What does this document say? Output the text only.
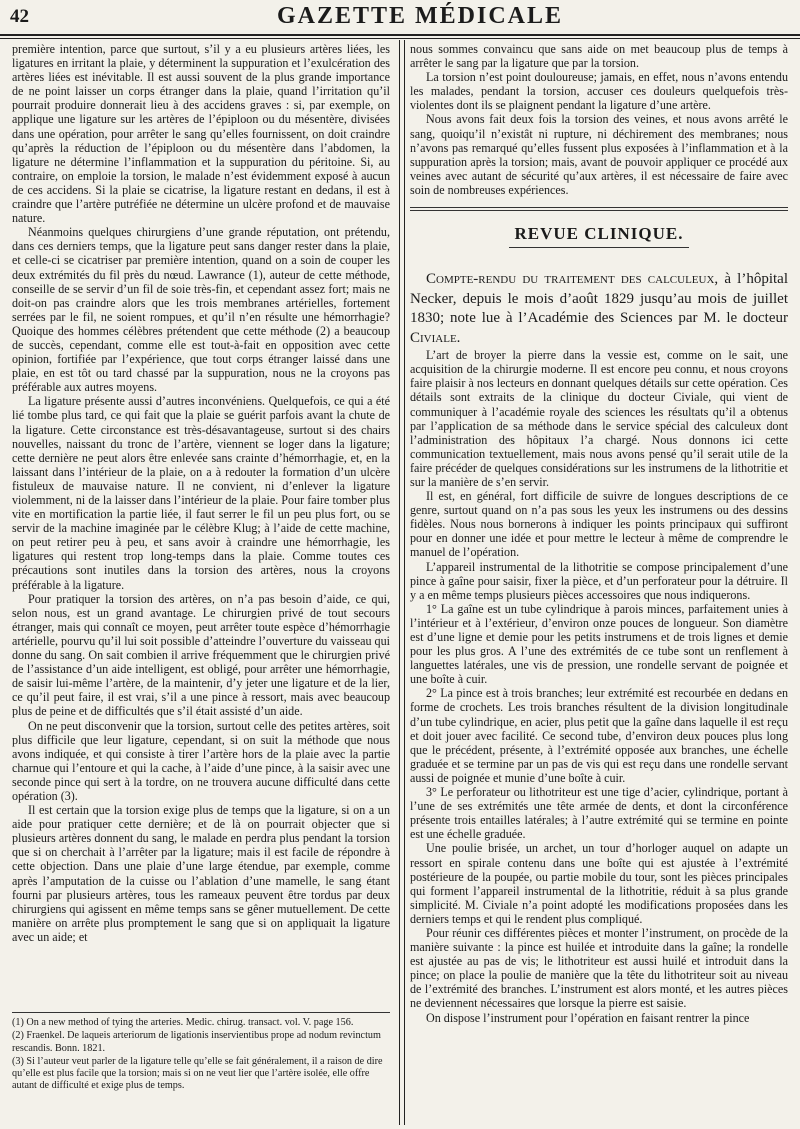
42	GAZETTE MÉDICALE

première intention, parce que surtout, s’il y a eu plusieurs artères liées, les ligatures en irritant la plaie, y déterminent la suppuration et l’exulcération des artères liées est inévitable. Il est aussi souvent de la plus grande importance de ne point laisser un corps étranger dans la plaie, quand l’irritation qu’il pourrait produire donnerait lieu à des accidens graves : si, par exemple, on applique une ligature sur les artères de l’épiploon ou du mésentère, divisées dans une opération, pour arrêter le sang qu’elles fournissent, on doit craindre qu’après la réduction de l’épiploon ou du mésentère dans l’abdomen, la ligature ne détermine l’inflammation et la suppuration du péritoine. Si, au contraire, on emploie la torsion, le malade n’est évidemment exposé à aucun de ces accidens. Si la plaie se cicatrise, la ligature restant en dedans, il est à craindre que l’artère putréfiée ne détermine un ulcère profond et de mauvaise nature.

Néanmoins quelques chirurgiens d’une grande réputation, ont prétendu, dans ces derniers temps, que la ligature peut sans danger rester dans la plaie, et celle-ci se cicatriser par première intention, quand on a soin de couper les deux extrémités du fil près du nœud. Lawrance (1), auteur de cette méthode, conseille de se servir d’un fil de soie très-fin, et cependant assez fort; mais ne doit-on pas craindre alors que les trois membranes artérielles, fortement serrées par le fil, ne soient rompues, et qu’il n’en résulte une hémorrhagie? Quoique des hommes célèbres prétendent que cette méthode (2) a beaucoup de succès, cependant, comme elle est tout-à-fait en opposition avec cette opinion, fortifiée par l’expérience, que tout corps étranger laissé dans une plaie, en est tôt ou tard chassé par la suppuration, nous ne la croyons pas préférable aux autres moyens.

La ligature présente aussi d’autres inconvéniens. Quelquefois, ce qui a été lié tombe plus tard, ce qui fait que la plaie se guérit parfois avant la chute de la ligature. Cette circonstance est très-désavantageuse, surtout si des chairs nouvelles, naissant du tronc de l’artère, viennent se loger dans la ligature; cette dernière ne peut alors être enlevée sans crainte d’hémorrhagie, et, en la laissant dans l’intérieur de la plaie, on a à redouter la formation d’un ulcère fistuleux de mauvaise nature. Il ne convient, ni d’enlever la ligature violemment, ni de la laisser dans l’intérieur de la plaie. Pour faire tomber plus vite en mortification la partie liée, il faut serrer le fil un peu plus fort, ou se servir de la machine imaginée par le célèbre Klug; à l’aide de cette machine, on peut retirer peu à peu, et sans avoir à craindre une hémorrhagie, les ligatures qui restent trop long-temps dans la plaie. Comme toutes ces précautions sont inutiles dans la torsion des artères, nous la croyons préférable à la ligature.

Pour pratiquer la torsion des artères, on n’a pas besoin d’aide, ce qui, selon nous, est un grand avantage. Le chirurgien privé de tout secours étranger, mais qui connaît ce moyen, peut arrêter toute espèce d’hémorrhagie artérielle, pourvu qu’il lui soit possible d’atteindre l’ouverture du vaisseau qui donne du sang. On sait combien il arrive fréquemment que le chirurgien privé de l’assistance d’un aide intelligent, est obligé, pour arrêter une hémorrhagie, de saisir lui-même l’artère, de la maintenir, d’y jeter une ligature et de la lier, ce qu’il peut faire, il est vrai, s’il a une pince à ressort, mais avec beaucoup plus de peine et de difficultés que s’il était assisté d’un aide.

On ne peut disconvenir que la torsion, surtout celle des petites artères, soit plus difficile que leur ligature, cependant, si on suit la méthode que nous avons indiquée, et qui consiste à tirer l’artère hors de la plaie avec la partie charnue qui l’entoure et qui la cache, à l’aide d’une pince, à la saisir avec une seconde pince qui sert à la tordre, on ne trouvera aucune difficulté dans cette opération (3).

Il est certain que la torsion exige plus de temps que la ligature, si on a un aide pour pratiquer cette dernière; et de là on pourrait objecter que si plusieurs artères donnent du sang, le malade en perdra plus pendant la torsion que si on cherchait à l’arrêter par la ligature; mais il est facile de répondre à cette objection. Dans une plaie d’une large étendue, par exemple, comme après l’amputation de la cuisse ou l’ablation d’une mamelle, le sang étant fourni par plusieurs artères, tous les rameaux peuvent être tordus par deux chirurgiens qui agissent en même temps sans se gêner mutuellement. De cette manière on arrête plus promptement le sang que si on appliquait la ligature avec un aide; et

(1) On a new method of tying the arteries. Medic. chirug. transact. vol. V. page 156.

(2) Fraenkel. De laqueis arteriorum de ligationis inservientibus prope ad nodum revinctum rescandis. Bonn. 1821.

(3) Si l’auteur veut parler de la ligature telle qu’elle se fait généralement, il a raison de dire qu’elle est plus facile que la torsion; mais si on ne veut lier que l’artère isolée, elle offre autant de difficulté et exige plus de temps.

nous sommes convaincu que sans aide on met beaucoup plus de temps à arrêter le sang par la ligature que par la torsion.

La torsion n’est point douloureuse; jamais, en effet, nous n’avons entendu les malades, pendant la torsion, accuser ces douleurs quelquefois très-violentes dont ils se plaignent pendant la ligature d’une artère.

Nous avons fait deux fois la torsion des veines, et nous avons arrêté le sang, quoiqu’il n’existât ni rupture, ni déchirement des membranes; nous n’avons pas remarqué qu’elles fussent plus exposées à l’inflammation et à la suppuration après la torsion; mais, avant de pouvoir appliquer ce procédé aux veines avec autant de sécurité qu’aux artères, il est nécessaire de faire avec soin de nombreuses expériences.

REVUE CLINIQUE.

Compte-rendu du traitement des calculeux, à l’hôpital Necker, depuis le mois d’août 1829 jusqu’au mois de juillet 1830; note lue à l’Académie des Sciences par M. le docteur Civiale.

L’art de broyer la pierre dans la vessie est, comme on le sait, une acquisition de la chirurgie moderne. Il est encore peu connu, et nous croyons faire plaisir à nos lecteurs en donnant quelques détails sur cette opération. Ces détails sont extraits de la clinique du docteur Civiale, qui vient de communiquer à l’académie royale des sciences les résultats qu’il a obtenus par l’application de sa méthode dans le service spécial des calculeux dont l’administration des hôpitaux l’a chargé. Nous donnons ici cette communication textuellement, mais nous avons pensé qu’il serait utile de la faire précéder de quelques considérations sur les instrumens de la lithotritie et sur la manière de s’en servir.

Il est, en général, fort difficile de suivre de longues descriptions de ce genre, surtout quand on n’a pas sous les yeux les instrumens ou des dessins fidèles. Nous nous bornerons à indiquer les points principaux qui suffiront pour en donner une idée et pour mettre le lecteur à même de comprendre le manuel de l’opération.

L’appareil instrumental de la lithotritie se compose principalement d’une pince à gaîne pour saisir, fixer la pièce, et d’un perforateur pour la détruire. Il y a en même temps plusieurs pièces accessoires que nous indiquerons.

1° La gaîne est un tube cylindrique à parois minces, parfaitement unies à l’intérieur et à l’extérieur, d’environ onze pouces de longueur. Son diamètre est d’une ligne et demie pour les petits instrumens et de trois lignes et demie pour les plus gros. A l’une des extrémités de ce tube sont un renflement à languettes latérales, une vis de pression, une rondelle servant de poignée et une boîte à cuir.

2° La pince est à trois branches; leur extrémité est recourbée en dedans en forme de crochets. Les trois branches résultent de la division longitudinale d’un tube cylindrique, en acier, plus petit que la gaîne dans laquelle il est reçu et doit jouer avec facilité. Ce second tube, d’environ deux pouces plus long que le précédent, présente, à l’extrémité opposée aux branches, une échelle graduée et se termine par un pas de vis qui est reçu dans une rondelle servant aussi de poignée et munie d’une boîte à cuir.

3° Le perforateur ou lithotriteur est une tige d’acier, cylindrique, portant à l’une de ses extrémités une tête armée de dents, et dont la circonférence présente trois entailles latérales; à l’autre extrémité qui se termine en pointe est une échelle graduée.

Une poulie brisée, un archet, un tour d’horloger auquel on adapte un ressort en spirale contenu dans une boîte qui est ajustée à l’extrémité postérieure de la poupée, ou partie mobile du tour, sont les pièces principales qui forment l’appareil instrumental de la lithotritie, réduit à sa plus grande simplicité. M. Civiale n’a point adopté les modifications proposées dans les derniers temps et qui le rendent plus compliqué.

Pour réunir ces différentes pièces et monter l’instrument, on procède de la manière suivante : la pince est huilée et introduite dans la gaîne; la rondelle est ajustée au pas de vis; le lithotriteur est aussi huilé et introduit dans la pince; on place la poulie de manière que la tête du lithotriteur soit au niveau de l’extrémité des branches. L’instrument est alors monté, et les autres pièces ne deviennent nécessaires que lorsque la pierre est saisie.

On dispose l’instrument pour l’opération en faisant rentrer la pince
